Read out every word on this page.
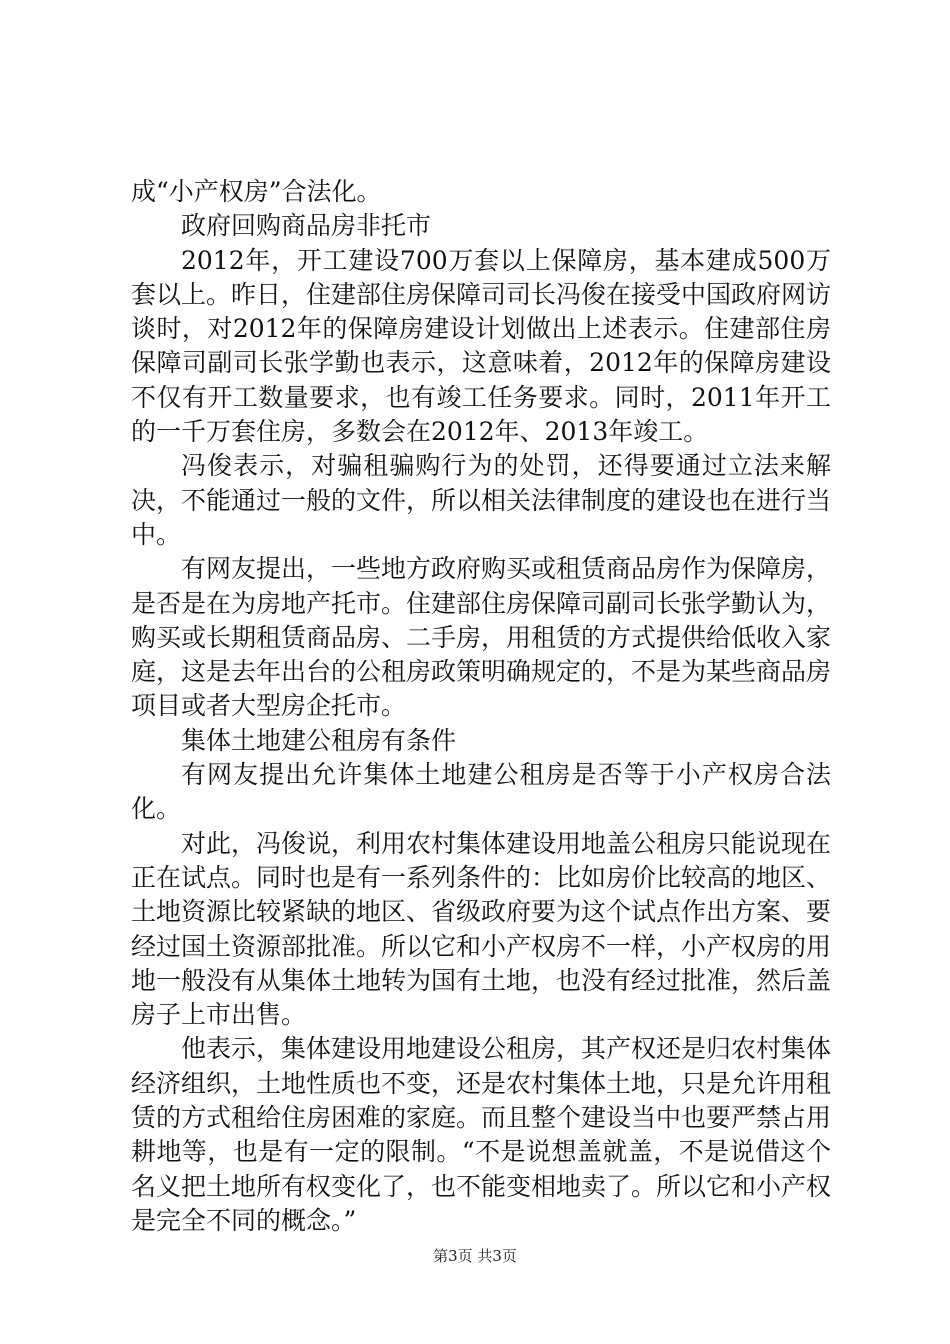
成“小产权房”合法化。

政府回购商品房非托市

2012年，开工建设700万套以上保障房，基本建成500万套以上。昨日，住建部住房保障司司长冯俊在接受中国政府网访谈时，对2012年的保障房建设计划做出上述表示。住建部住房保障司副司长张学勤也表示，这意味着，2012年的保障房建设不仅有开工数量要求，也有竣工任务要求。同时，2011年开工的一千万套住房，多数会在2012年、2013年竣工。

冯俊表示，对骗租骗购行为的处罚，还得要通过立法来解决，不能通过一般的文件，所以相关法律制度的建设也在进行当中。

有网友提出，一些地方政府购买或租赁商品房作为保障房，是否是在为房地产托市。住建部住房保障司副司长张学勤认为，购买或长期租赁商品房、二手房，用租赁的方式提供给低收入家庭，这是去年出台的公租房政策明确规定的，不是为某些商品房项目或者大型房企托市。

集体土地建公租房有条件

有网友提出允许集体土地建公租房是否等于小产权房合法化。

对此，冯俊说，利用农村集体建设用地盖公租房只能说现在正在试点。同时也是有一系列条件的：比如房价比较高的地区、土地资源比较紧缺的地区、省级政府要为这个试点作出方案、要经过国土资源部批准。所以它和小产权房不一样，小产权房的用地一般没有从集体土地转为国有土地，也没有经过批准，然后盖房子上市出售。

他表示，集体建设用地建设公租房，其产权还是归农村集体经济组织，土地性质也不变，还是农村集体土地，只是允许用租赁的方式租给住房困难的家庭。而且整个建设当中也要严禁占用耕地等，也是有一定的限制。“不是说想盖就盖，不是说借这个名义把土地所有权变化了，也不能变相地卖了。所以它和小产权是完全不同的概念。”

第3页 共3页
